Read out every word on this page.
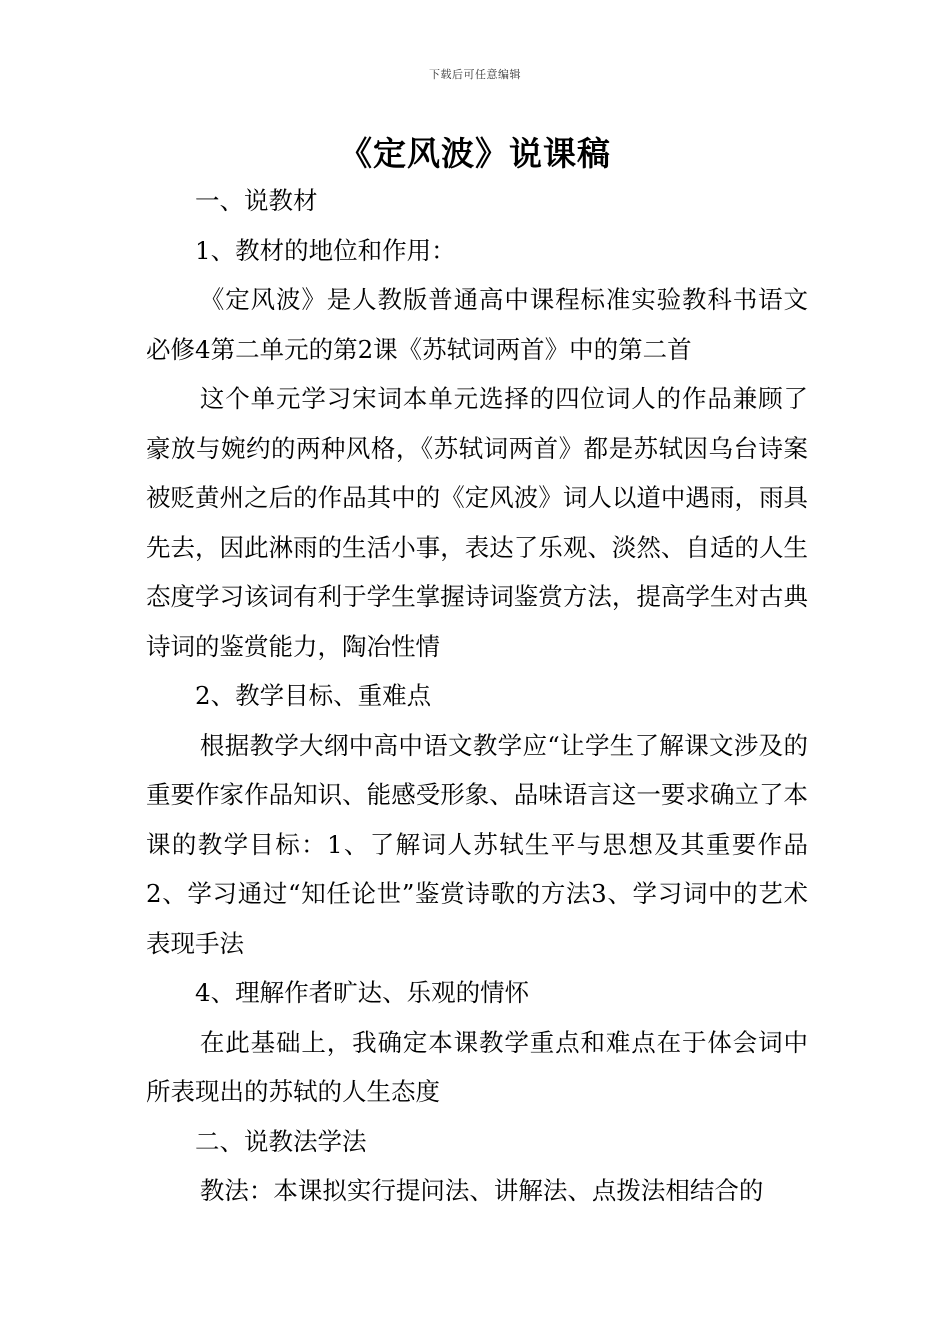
下载后可任意编辑
《定风波》说课稿

一、说教材

1、教材的地位和作用：

《定风波》是人教版普通高中课程标准实验教科书语文必修4第二单元的第2课《苏轼词两首》中的第二首

这个单元学习宋词本单元选择的四位词人的作品兼顾了豪放与婉约的两种风格，《苏轼词两首》都是苏轼因乌台诗案被贬黄州之后的作品其中的《定风波》词人以道中遇雨，雨具先去，因此淋雨的生活小事，表达了乐观、淡然、自适的人生态度学习该词有利于学生掌握诗词鉴赏方法，提高学生对古典诗词的鉴赏能力，陶冶性情

2、教学目标、重难点

根据教学大纲中高中语文教学应“让学生了解课文涉及的重要作家作品知识、能感受形象、品味语言这一要求确立了本课的教学目标：1、了解词人苏轼生平与思想及其重要作品2、学习通过“知任论世”鉴赏诗歌的方法3、学习词中的艺术表现手法

4、理解作者旷达、乐观的情怀

在此基础上，我确定本课教学重点和难点在于体会词中所表现出的苏轼的人生态度

二、说教法学法

教法：本课拟实行提问法、讲解法、点拨法相结合的
